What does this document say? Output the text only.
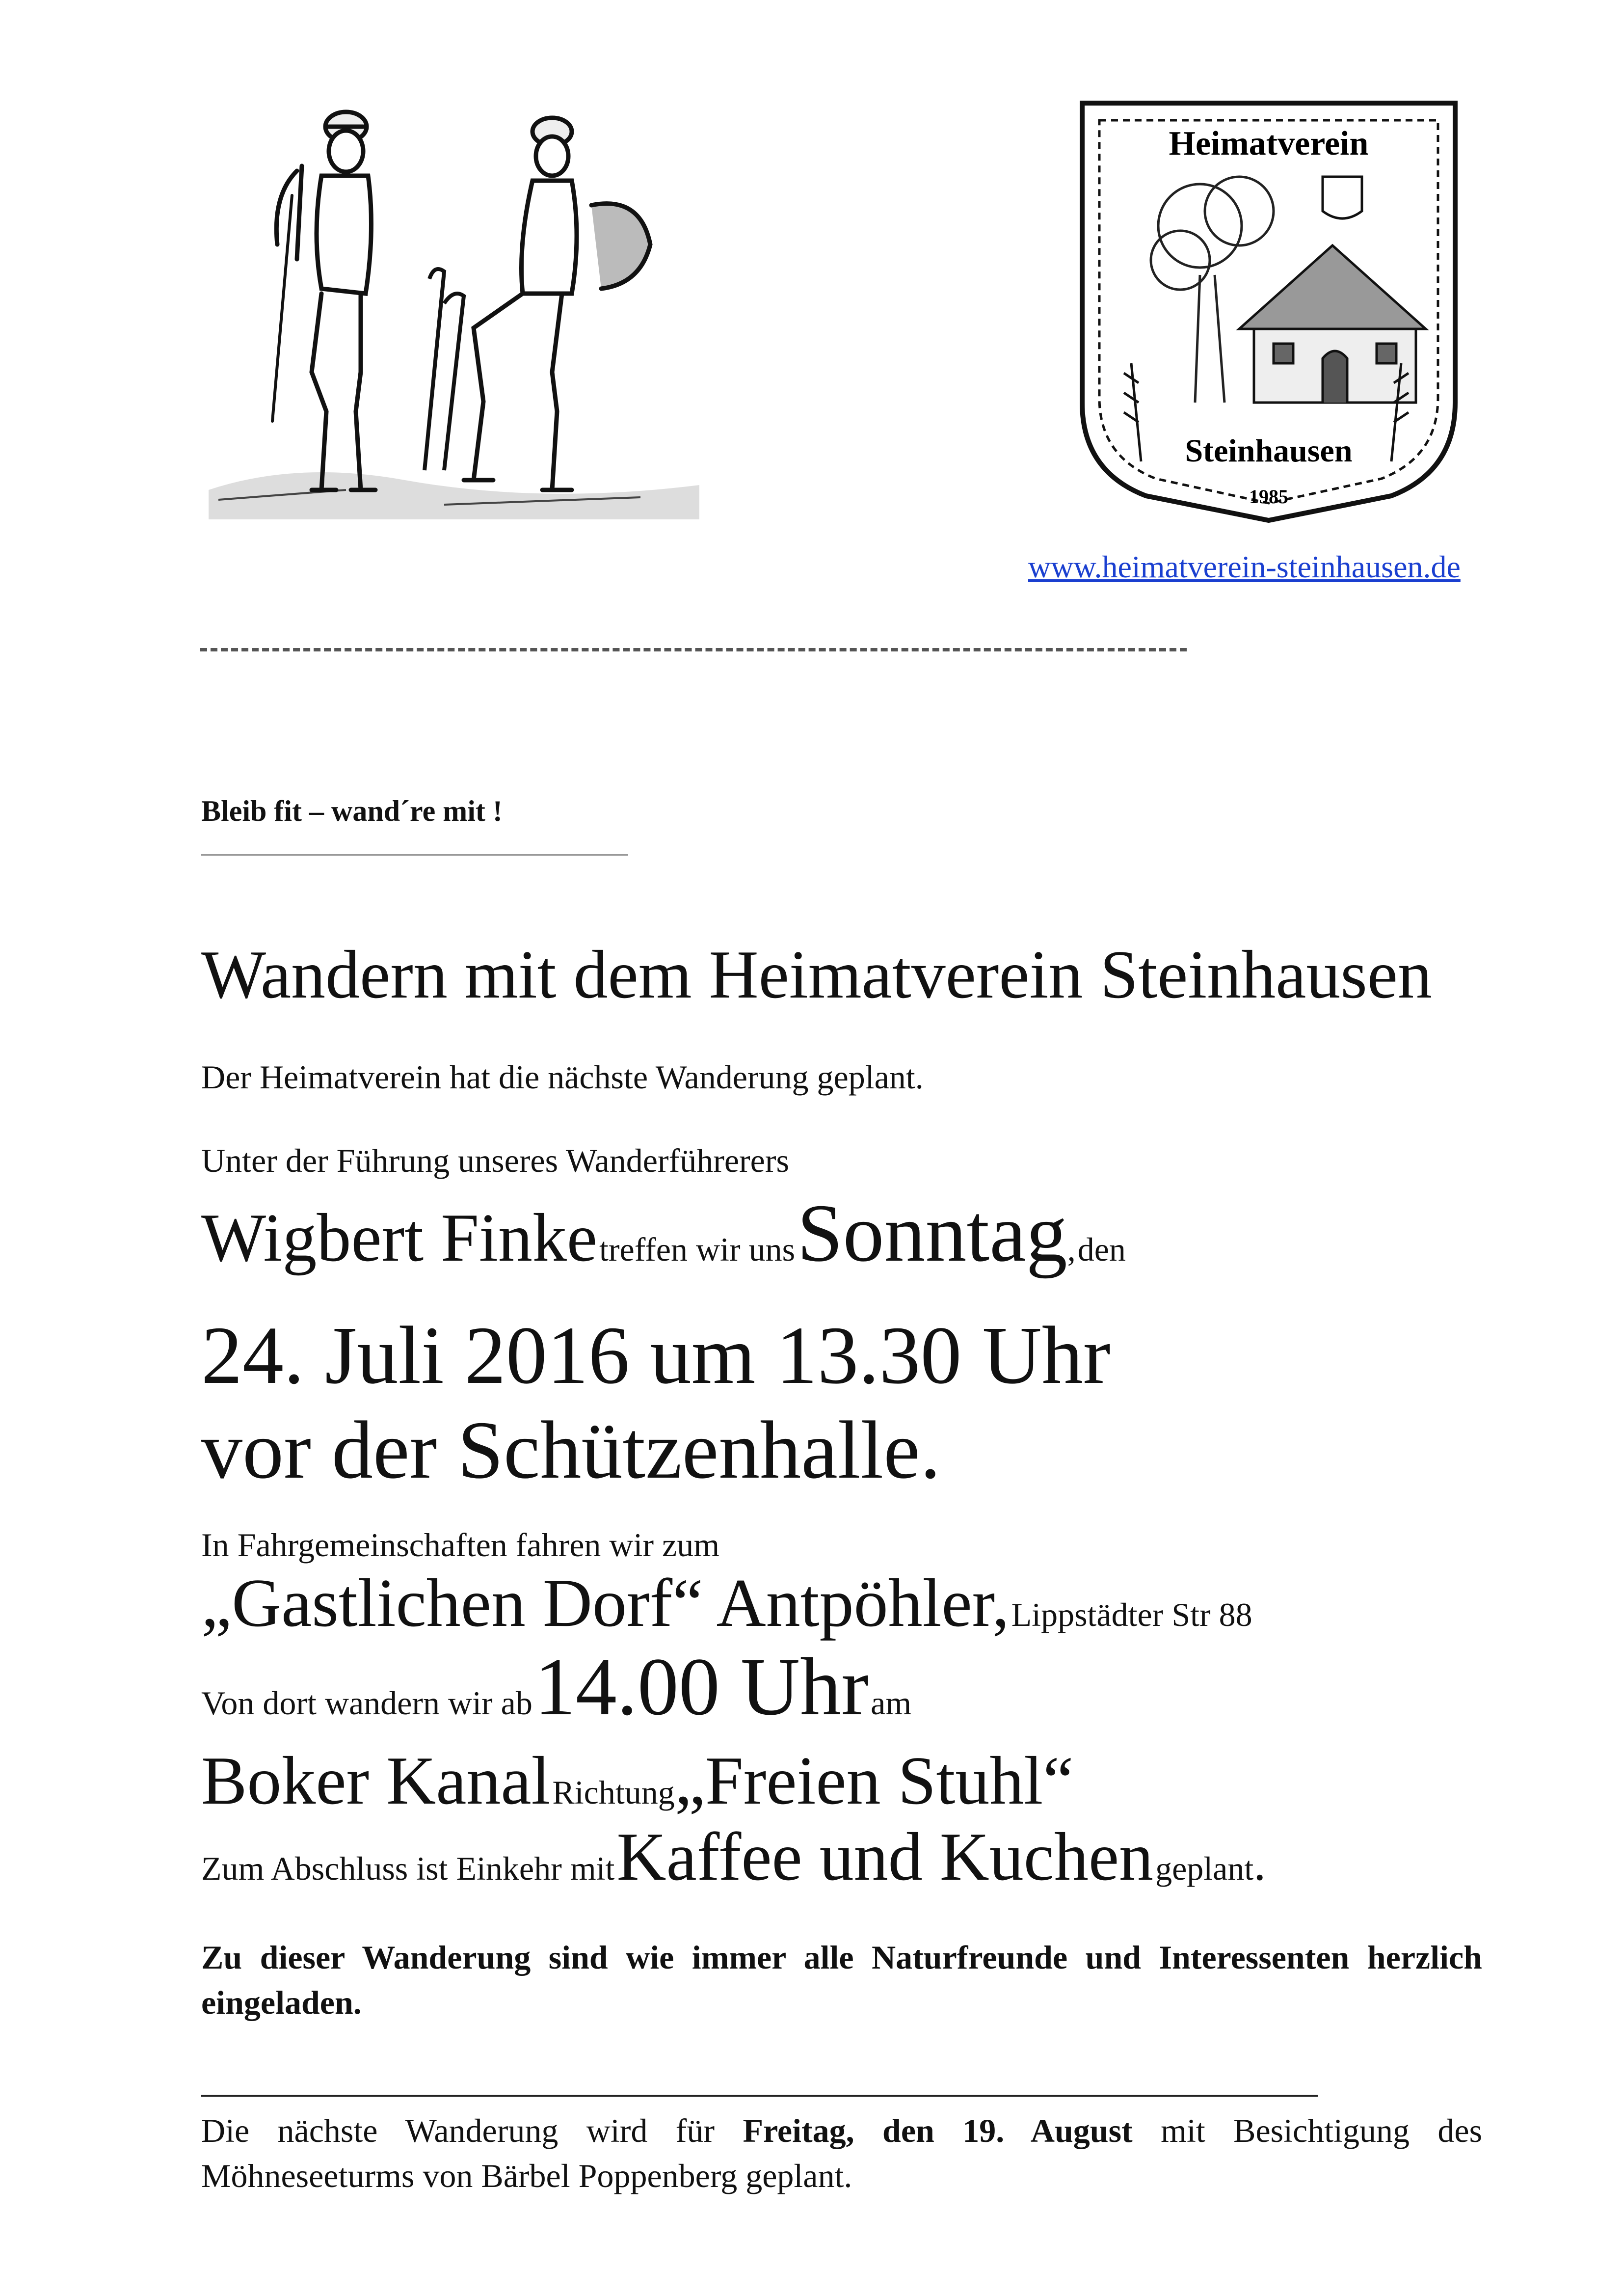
Heimatverein
Steinhausen
1985
www.heimatverein-steinhausen.de
Bleib fit – wand´re mit !
Wandern mit dem Heimatverein Steinhausen
Der Heimatverein hat die nächste Wanderung geplant.
Unter der Führung unseres Wanderführerers
Wigbert Finke treffen wir uns Sonntag, den
24. Juli 2016 um 13.30 Uhr
vor der Schützenhalle.
In Fahrgemeinschaften fahren wir zum
„Gastlichen Dorf“ Antpöhler, Lippstädter Str 88
Von dort wandern wir ab 14.00 Uhr am
Boker Kanal Richtung„Freien Stuhl“
Zum Abschluss ist Einkehr mit Kaffee und Kuchen geplant.
Zu dieser Wanderung sind wie immer alle Naturfreunde und Interessenten herzlich eingeladen.
Die nächste Wanderung wird für Freitag, den 19. August mit Besichtigung des Möhneseeturms von Bärbel Poppenberg geplant.
